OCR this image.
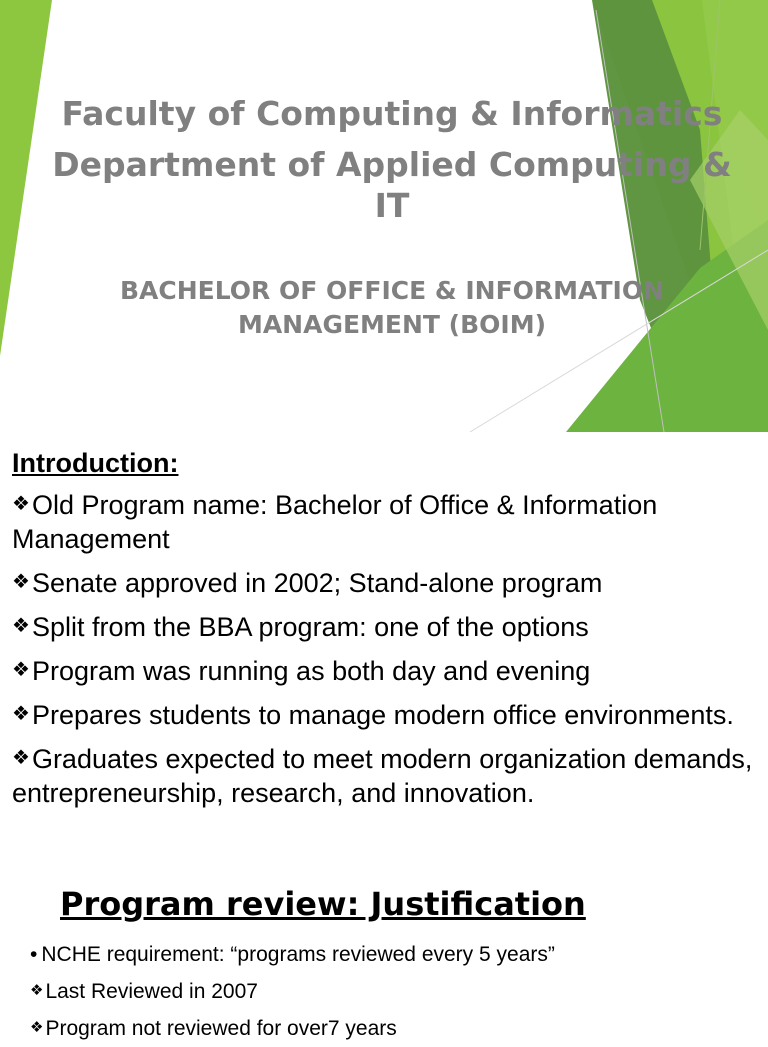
Faculty of Computing & Informatics
Department of Applied Computing & IT
BACHELOR OF OFFICE & INFORMATION MANAGEMENT (BOIM)
Introduction:
❖Old Program name: Bachelor of Office & Information Management
❖Senate approved in 2002; Stand-alone program
❖Split from the BBA program: one of the options
❖Program was running as both day and evening
❖Prepares students to manage modern office environments.
❖Graduates expected to meet modern organization demands, entrepreneurship, research, and innovation.
Program review: Justification
• NCHE requirement: “programs reviewed every 5 years”
❖Last Reviewed in 2007
❖Program not reviewed for over7 years
